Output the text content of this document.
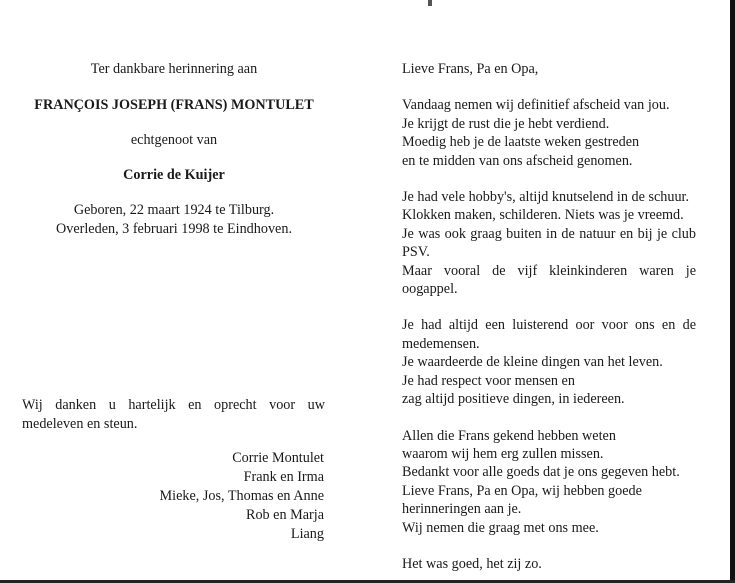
Ter dankbare herinnering aan

FRANÇOIS JOSEPH (FRANS) MONTULET

echtgenoot van

Corrie de Kuijer

Geboren, 22 maart 1924 te Tilburg.

Overleden, 3 februari 1998 te Eindhoven.

Wij danken u hartelijk en oprecht voor uw medeleven en steun.

Corrie Montulet
Frank en Irma
Mieke, Jos, Thomas en Anne
Rob en Marja
Liang

Lieve Frans, Pa en Opa,

Vandaag nemen wij definitief afscheid van jou.
Je krijgt de rust die je hebt verdiend.
Moedig heb je de laatste weken gestreden
en te midden van ons afscheid genomen.
Je had vele hobby's, altijd knutselend in de schuur.
Klokken maken, schilderen. Niets was je vreemd.
Je was ook graag buiten in de natuur en bij je club PSV.
Maar vooral de vijf kleinkinderen waren je oogappel.
Je had altijd een luisterend oor voor ons en de medemensen.
Je waardeerde de kleine dingen van het leven.
Je had respect voor mensen en
zag altijd positieve dingen, in iedereen.
Allen die Frans gekend hebben weten
waarom wij hem erg zullen missen.
Bedankt voor alle goeds dat je ons gegeven hebt.
Lieve Frans, Pa en Opa, wij hebben goede
herinneringen aan je.
Wij nemen die graag met ons mee.

Het was goed, het zij zo.
